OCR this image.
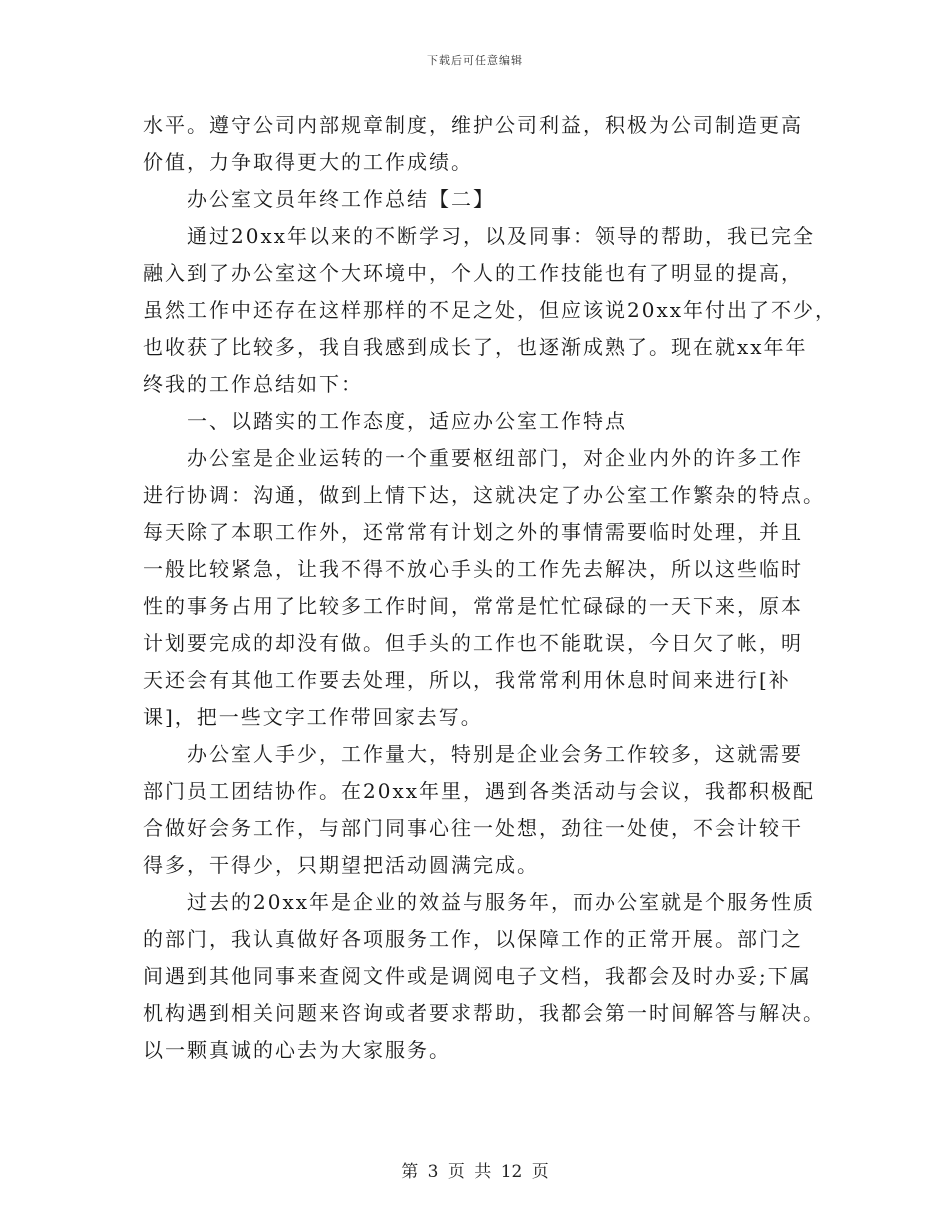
下载后可任意编辑
水平。遵守公司内部规章制度，维护公司利益，积极为公司制造更高
价值，力争取得更大的工作成绩。
办公室文员年终工作总结【二】
通过20xx年以来的不断学习，以及同事：领导的帮助，我已完全
融入到了办公室这个大环境中，个人的工作技能也有了明显的提高，
虽然工作中还存在这样那样的不足之处，但应该说20xx年付出了不少，
也收获了比较多，我自我感到成长了，也逐渐成熟了。现在就xx年年
终我的工作总结如下：
一、以踏实的工作态度，适应办公室工作特点
办公室是企业运转的一个重要枢纽部门，对企业内外的许多工作
进行协调：沟通，做到上情下达，这就决定了办公室工作繁杂的特点。
每天除了本职工作外，还常常有计划之外的事情需要临时处理，并且
一般比较紧急，让我不得不放心手头的工作先去解决，所以这些临时
性的事务占用了比较多工作时间，常常是忙忙碌碌的一天下来，原本
计划要完成的却没有做。但手头的工作也不能耽误，今日欠了帐，明
天还会有其他工作要去处理，所以，我常常利用休息时间来进行[补
课]，把一些文字工作带回家去写。
办公室人手少，工作量大，特别是企业会务工作较多，这就需要
部门员工团结协作。在20xx年里，遇到各类活动与会议，我都积极配
合做好会务工作，与部门同事心往一处想，劲往一处使，不会计较干
得多，干得少，只期望把活动圆满完成。
过去的20xx年是企业的效益与服务年，而办公室就是个服务性质
的部门，我认真做好各项服务工作，以保障工作的正常开展。部门之
间遇到其他同事来查阅文件或是调阅电子文档，我都会及时办妥;下属
机构遇到相关问题来咨询或者要求帮助，我都会第一时间解答与解决。
以一颗真诚的心去为大家服务。
第 3 页 共 12 页
